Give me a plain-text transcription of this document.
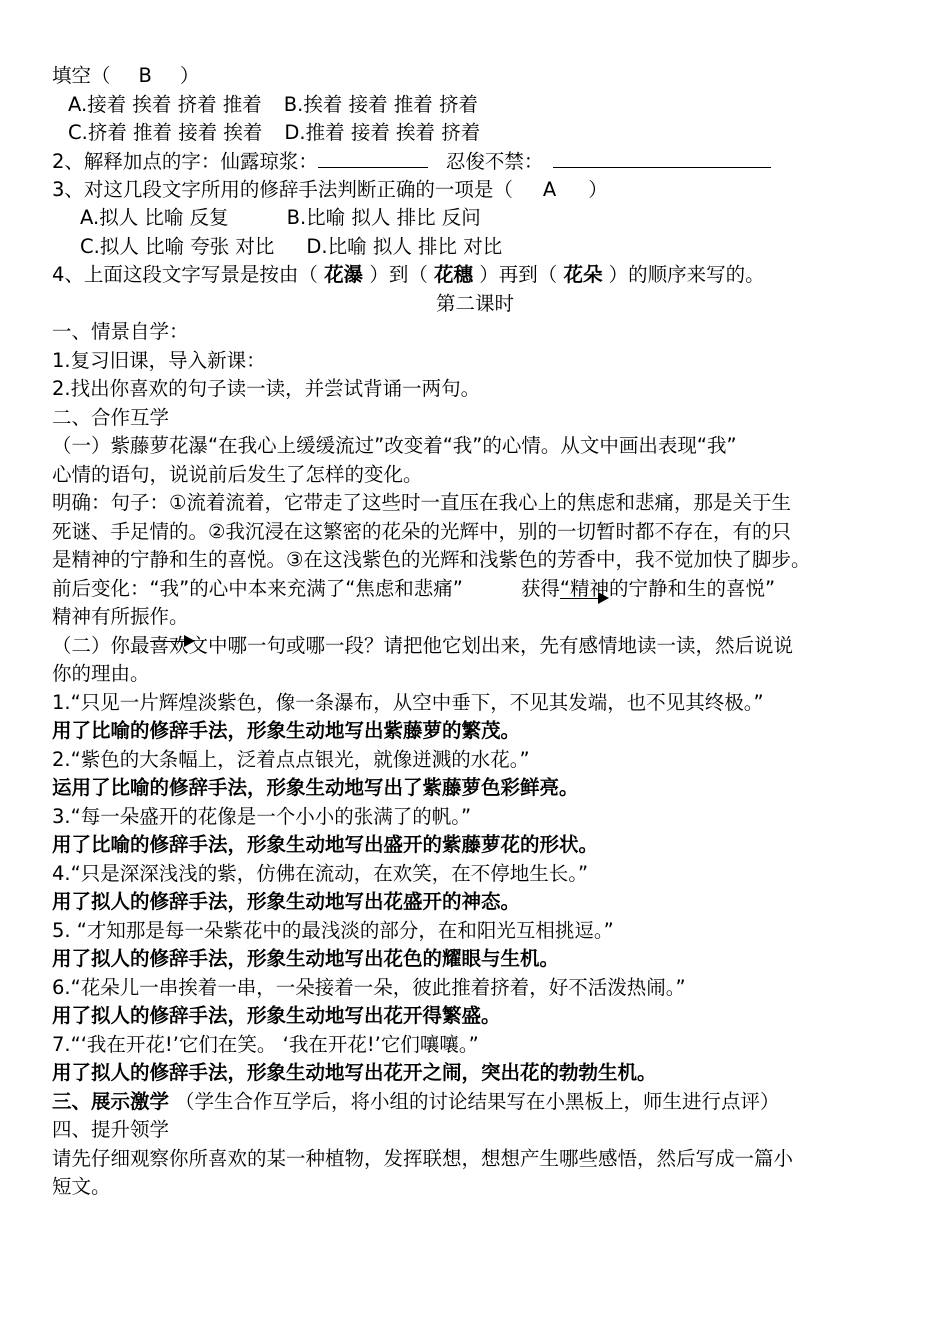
填空（ B ）
A.接着 挨着 挤着 推着 B.挨着 接着 推着 挤着
C.挤着 推着 接着 挨着 D.推着 接着 挨着 挤着
2、解释加点的字：仙露琼浆：	忍俊不禁：
3、对这几段文字所用的修辞手法判断正确的一项是（ A ）
A.拟人 比喻 反复	B.比喻 拟人 排比 反问
C.拟人 比喻 夸张 对比 D.比喻 拟人 排比 对比
4、上面这段文字写景是按由（ 花瀑 ）到（ 花穗 ）再到（ 花朵 ）的顺序来写的。
第二课时
一、情景自学：
1.复习旧课，导入新课：
2.找出你喜欢的句子读一读，并尝试背诵一两句。
二、合作互学
（一）紫藤萝花瀑“在我心上缓缓流过”改变着“我”的心情。从文中画出表现“我”
心情的语句，说说前后发生了怎样的变化。
明确：句子：①流着流着，它带走了这些时一直压在我心上的焦虑和悲痛，那是关于生
死谜、手足情的。②我沉浸在这繁密的花朵的光辉中，别的一切暂时都不存在，有的只
是精神的宁静和生的喜悦。③在这浅紫色的光辉和浅紫色的芳香中，我不觉加快了脚步。
前后变化：“我”的心中本来充满了“焦虑和悲痛”	获得“精神的宁静和生的喜悦”
精神有所振作。
（二）你最喜欢文中哪一句或哪一段？请把他它划出来，先有感情地读一读，然后说说
你的理由。
1.“只见一片辉煌淡紫色，像一条瀑布，从空中垂下，不见其发端，也不见其终极。”
用了比喻的修辞手法，形象生动地写出紫藤萝的繁茂。
2.“紫色的大条幅上，泛着点点银光，就像迸溅的水花。”
运用了比喻的修辞手法，形象生动地写出了紫藤萝色彩鲜亮。
3.“每一朵盛开的花像是一个小小的张满了的帆。”
用了比喻的修辞手法，形象生动地写出盛开的紫藤萝花的形状。
4.“只是深深浅浅的紫，仿佛在流动，在欢笑，在不停地生长。”
用了拟人的修辞手法，形象生动地写出花盛开的神态。
5. “才知那是每一朵紫花中的最浅淡的部分，在和阳光互相挑逗。”
用了拟人的修辞手法，形象生动地写出花色的耀眼与生机。
6.“花朵儿一串挨着一串，一朵接着一朵，彼此推着挤着，好不活泼热闹。”
用了拟人的修辞手法，形象生动地写出花开得繁盛。
7.“‘我在开花!’它们在笑。 ‘我在开花!’它们嚷嚷。”
用了拟人的修辞手法，形象生动地写出花开之闹，突出花的勃勃生机。
三、展示激学 （学生合作互学后，将小组的讨论结果写在小黑板上，师生进行点评）
四、提升领学
请先仔细观察你所喜欢的某一种植物，发挥联想，想想产生哪些感悟，然后写成一篇小
短文。
